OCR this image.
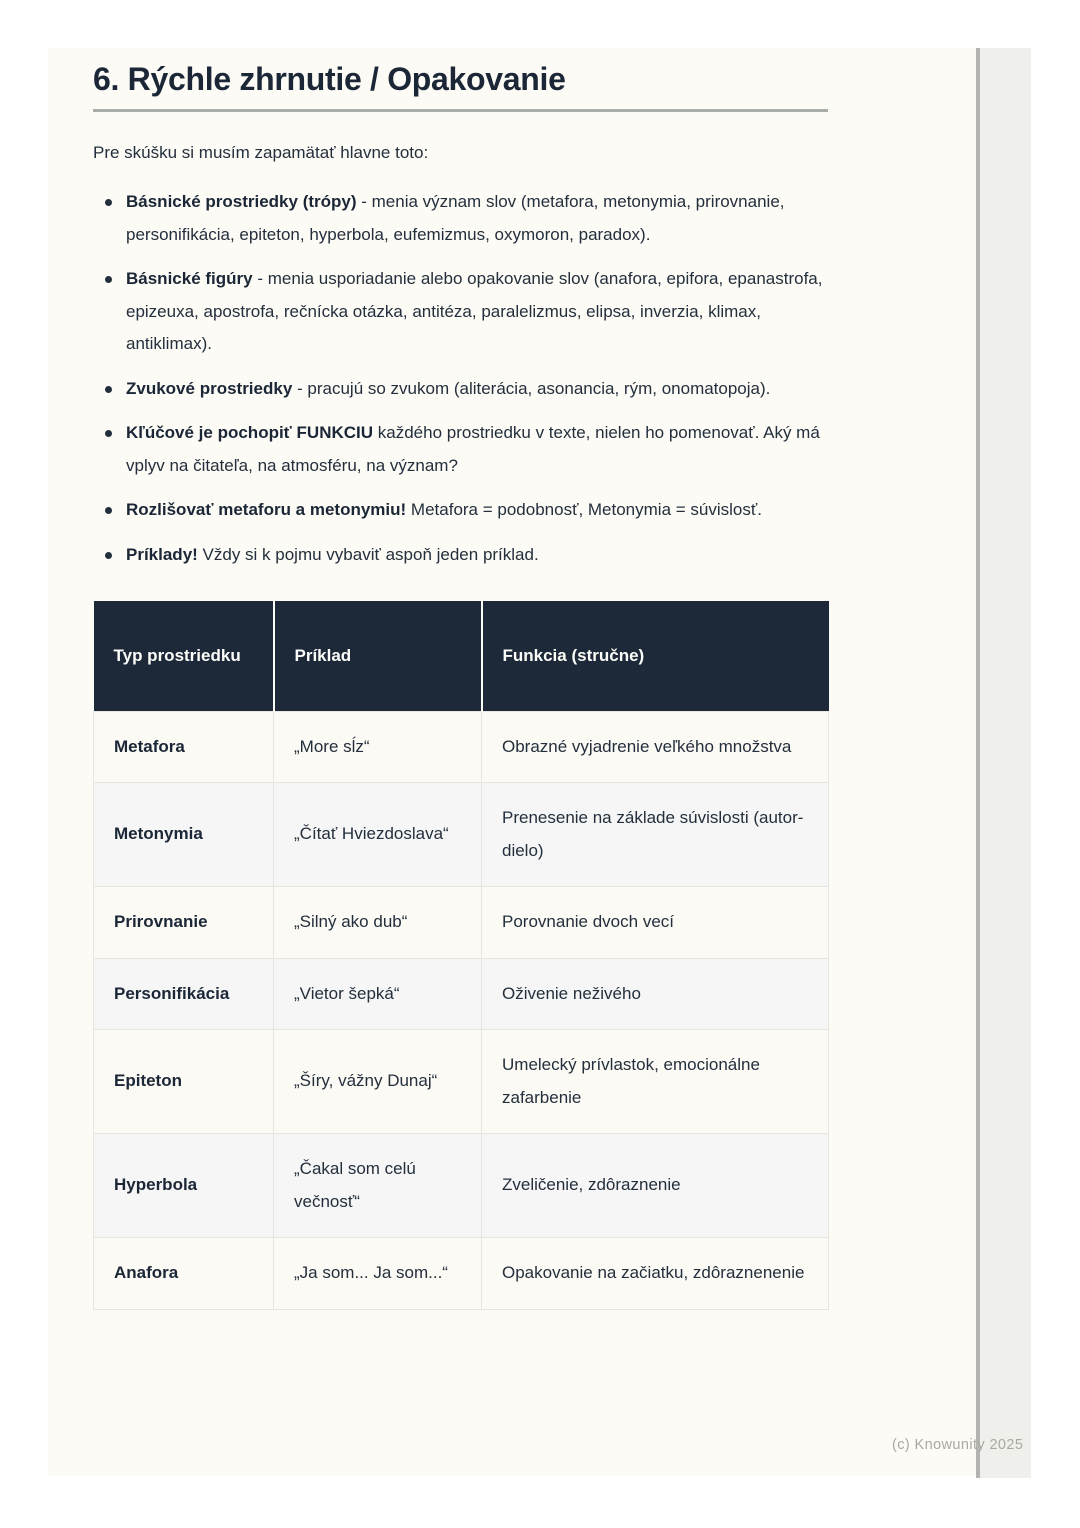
6. Rýchle zhrnutie / Opakovanie

Pre skúšku si musím zapamätať hlavne toto:

Básnické prostriedky (trópy) - menia význam slov (metafora, metonymia, prirovnanie, personifikácia, epiteton, hyperbola, eufemizmus, oxymoron, paradox).
Básnické figúry - menia usporiadanie alebo opakovanie slov (anafora, epifora, epanastrofa, epizeuxa, apostrofa, rečnícka otázka, antitéza, paralelizmus, elipsa, inverzia, klimax, antiklimax).
Zvukové prostriedky - pracujú so zvukom (aliterácia, asonancia, rým, onomatopoja).
Kľúčové je pochopiť FUNKCIU každého prostriedku v texte, nielen ho pomenovať. Aký má vplyv na čitateľa, na atmosféru, na význam?
Rozlišovať metaforu a metonymiu! Metafora = podobnosť, Metonymia = súvislosť.
Príklady! Vždy si k pojmu vybaviť aspoň jeden príklad.
Typ prostriedku	Príklad	Funkcia (stručne)
Metafora	„More sĺz“	Obrazné vyjadrenie veľkého množstva
Metonymia	„Čítať Hviezdoslava“	Prenesenie na základe súvislosti (autor-dielo)
Prirovnanie	„Silný ako dub“	Porovnanie dvoch vecí
Personifikácia	„Vietor šepká“	Oživenie neživého
Epiteton	„Šíry, vážny Dunaj“	Umelecký prívlastok, emocionálne zafarbenie
Hyperbola	„Čakal som celú večnosť“	Zveličenie, zdôraznenie
Anafora	„Ja som... Ja som...“	Opakovanie na začiatku, zdôraznenenie
(c) Knowunity 2025
